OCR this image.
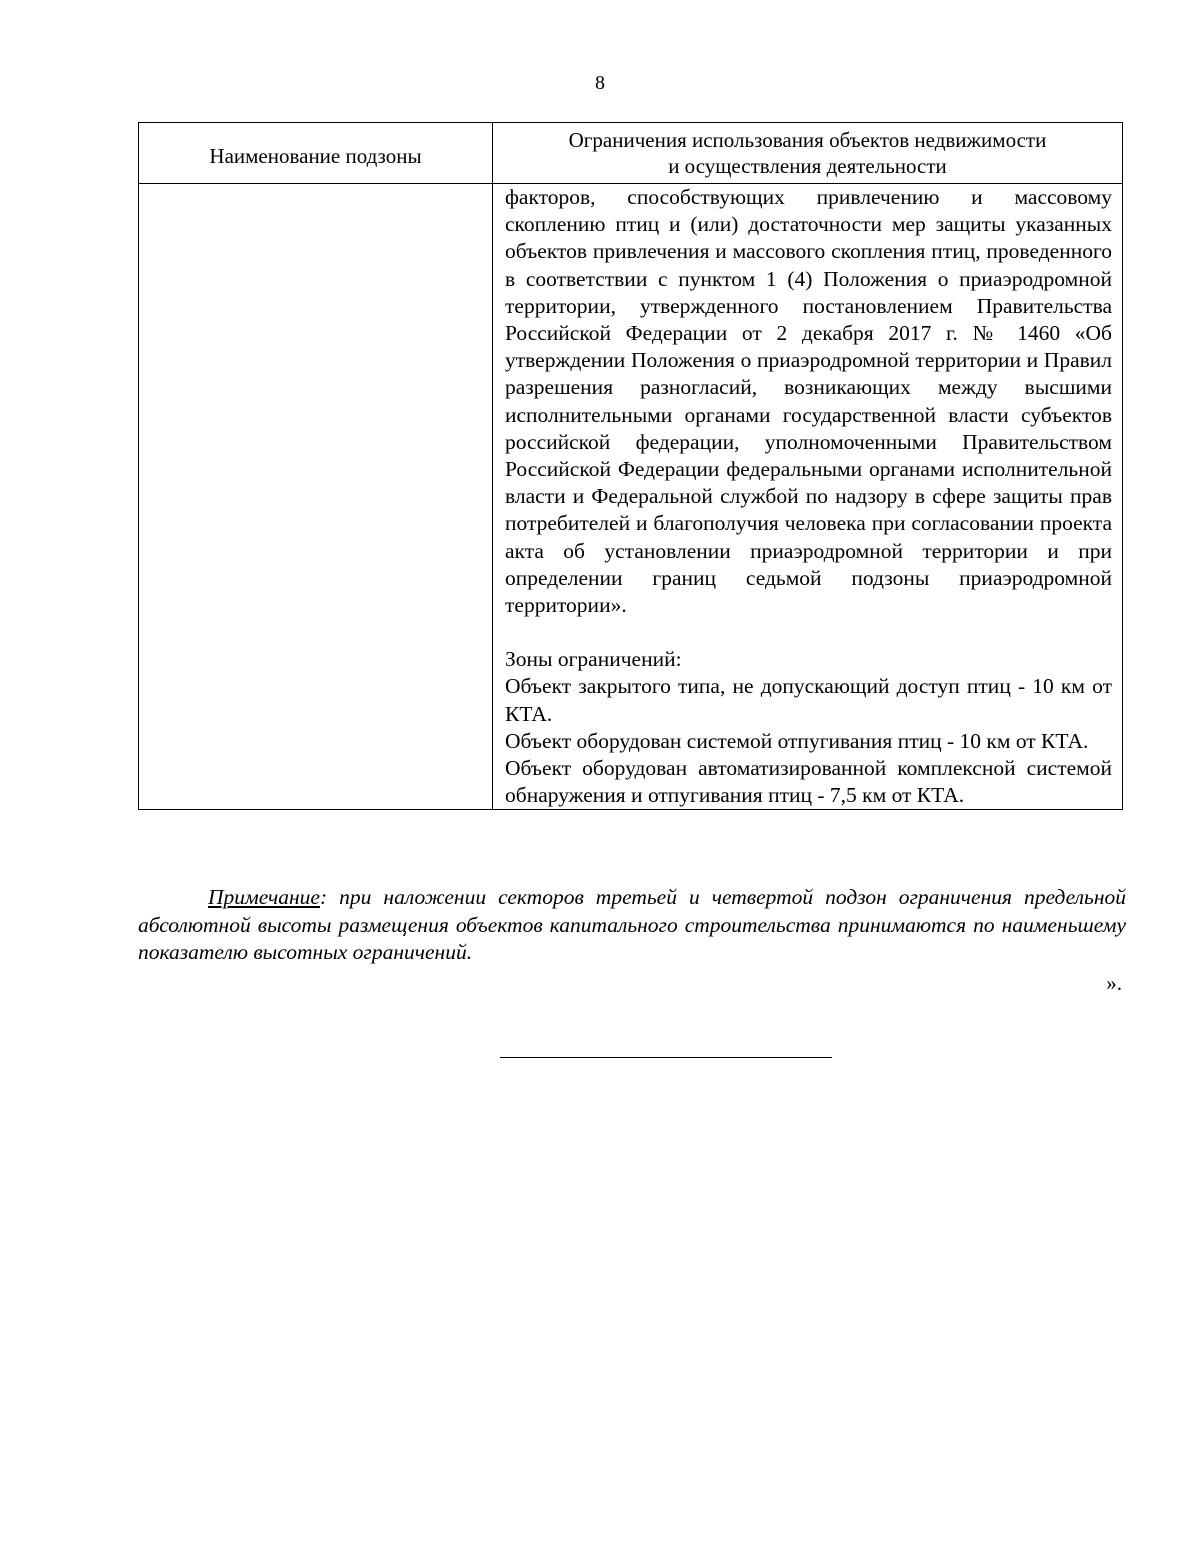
8
Наименование подзоны	Ограничения использования объектов недвижимости
и осуществления деятельности

	факторов, способствующих привлечению и массовому скоплению птиц и (или) достаточности мер защиты указанных объектов привлечения и массового скопления птиц, проведенного в соответствии с пунктом 1 (4) Положения о приаэродромной территории, утвержденного постановлением Правительства Российской Федерации от 2 декабря 2017 г. № 1460 «Об утверждении Положения о приаэродромной территории и Правил разрешения разногласий, возникающих между высшими исполнительными органами государственной власти субъектов российской федерации, уполномоченными Правительством Российской Федерации федеральными органами исполнительной власти и Федеральной службой по надзору в сфере защиты прав потребителей и благополучия человека при согласовании проекта акта об установлении приаэродромной территории и при определении границ седьмой подзоны приаэродромной территории».

Зоны ограничений:

Объект закрытого типа, не допускающий доступ птиц - 10 км от КТА.

Объект оборудован системой отпугивания птиц - 10 км от КТА.

Объект оборудован автоматизированной комплексной системой обнаружения и отпугивания птиц - 7,5 км от КТА.

Примечание: при наложении секторов третьей и четвертой подзон ограничения предельной абсолютной высоты размещения объектов капитального строительства принимаются по наименьшему показателю высотных ограничений.

».
